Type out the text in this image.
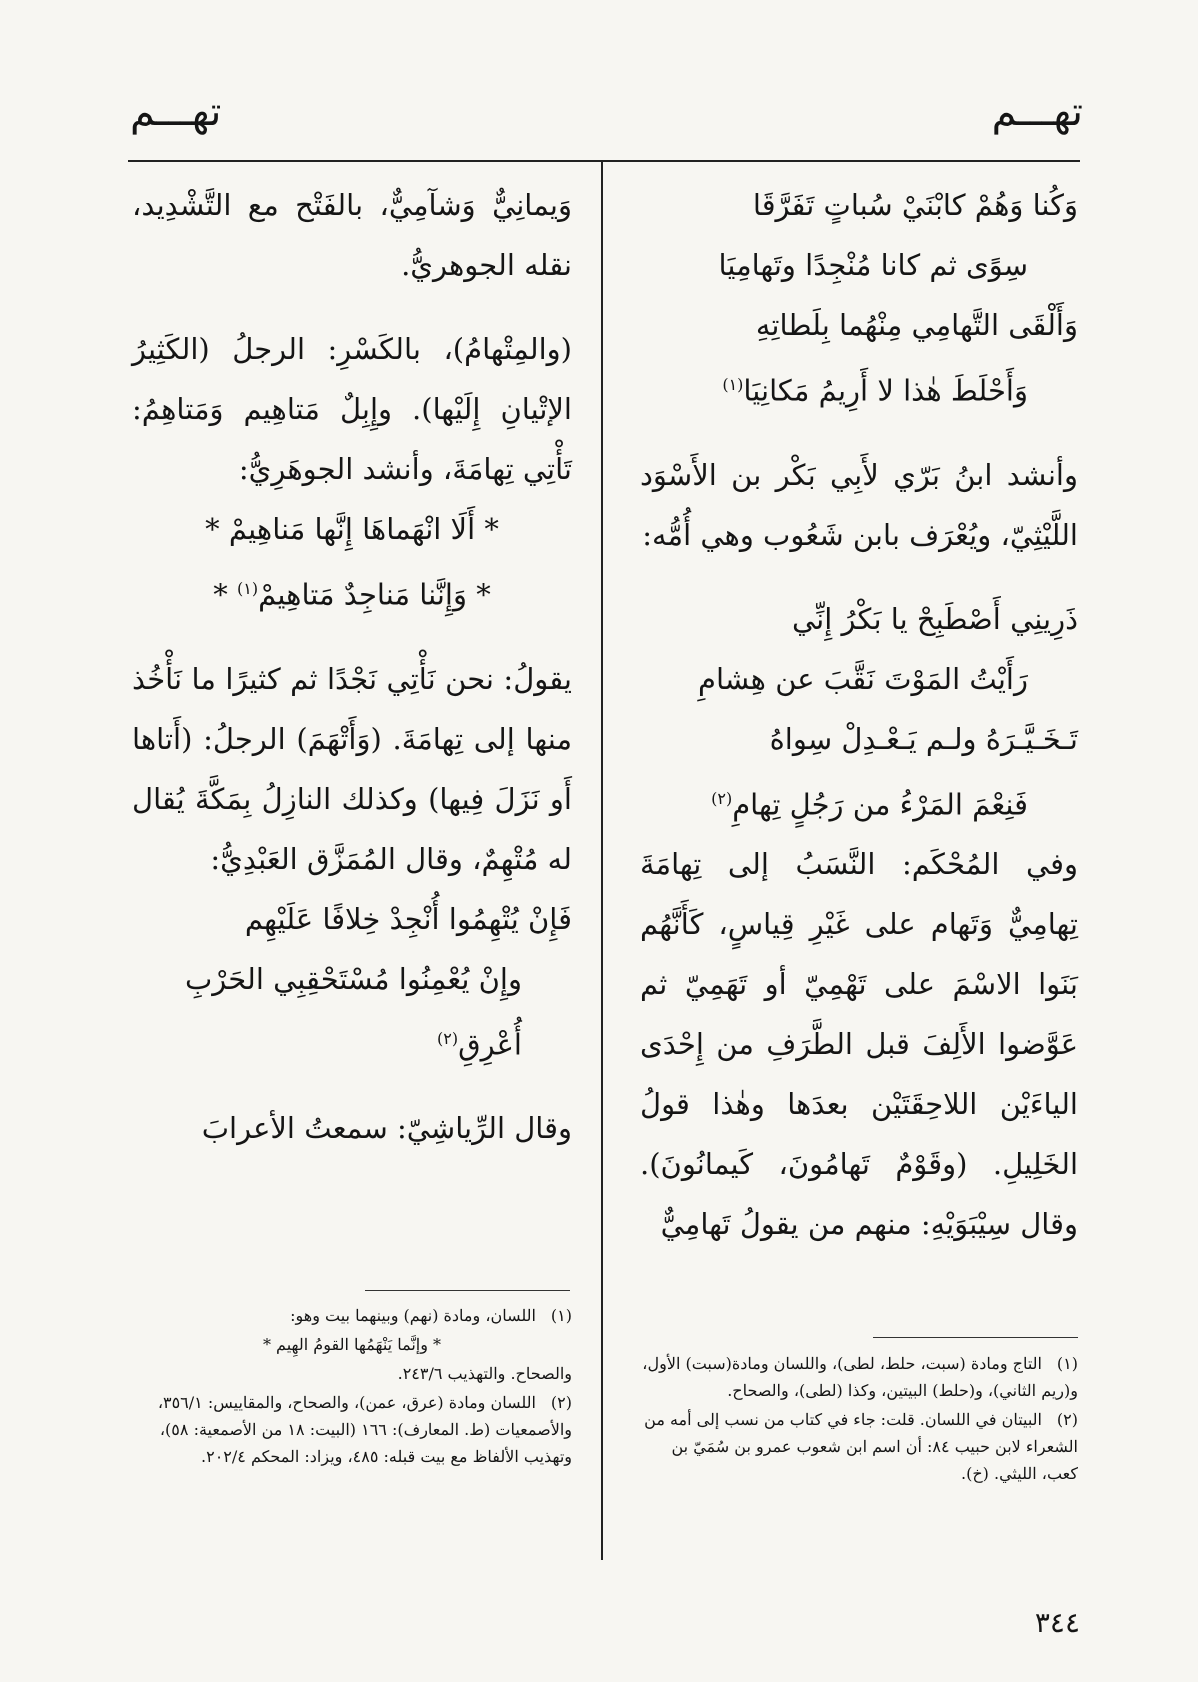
تهـــم
تهـــم
وَكُنا وَهُمْ كابْنَيْ سُباتٍ تَفَرَّقَا
سِوًى ثم كانا مُنْجِدًا وتَهامِيَا
وَأَلْقَى التَّهامِي مِنْهُما بِلَطاتِهِ
وَأَحْلَطَ هٰذا لا أَرِيمُ مَكانِيَا$^{(١)}$

وأنشد ابنُ بَرّي لأَبِي بَكْر بن الأَسْوَد اللَّيْثِيّ، ويُعْرَف بابن شَعُوب وهي أُمُّه:

ذَرِينِي أَصْطَبِحْ يا بَكْرُ إِنِّي
رَأَيْتُ المَوْتَ نَقَّبَ عن هِشامِ
تَـخَـيَّـرَهُ ولـم يَـعْـدِلْ سِواهُ
فَنِعْمَ المَرْءُ من رَجُلٍ تِهامِ$^{(٢)}$

وفي المُحْكَم: النَّسَبُ إلى تِهامَةَ تِهامِيٌّ وَتَهام على غَيْرِ قِياسٍ، كَأَنَّهُم بَنَوا الاسْمَ على تَهْمِيّ أو تَهَمِيّ ثم عَوَّضوا الأَلِفَ قبل الطَّرَفِ من إِحْدَى الياءَيْن اللاحِقَتَيْن بعدَها وهٰذا قولُ الخَلِيلِ. (وقَوْمٌ تَهامُونَ، كَيمانُونَ). وقال سِيْبَوَيْهِ: منهم من يقولُ تَهامِيٌّ

(١)التاج ومادة (سبت، حلط، لطى)، واللسان ومادة(سبت) الأول، و(ريم الثاني)، و(حلط) البيتين، وكذا (لطى)، والصحاح.
(٢)البيتان في اللسان. قلت: جاء في كتاب من نسب إلى أمه من الشعراء لابن حبيب ٨٤: أن اسم ابن شعوب عمرو بن سُمَيّ بن كعب، الليثي. (خ).

وَيمانِيٌّ وَشآمِيٌّ، بالفَتْح مع التَّشْدِيد، نقله الجوهريُّ.

(والمِتْهامُ)، بالكَسْرِ: الرجلُ (الكَثِيرُ الإتْيانِ إِلَيْها). وإِبِلٌ مَتاهِيم وَمَتاهِمُ: تَأْتِي تِهامَةَ، وأنشد الجوهَرِيُّ:

* أَلَا انْهَماهَا إِنَّها مَناهِيمْ *
* وَإِنَّنا مَناجِدٌ مَتاهِيمْ$^{(١)}$ *

يقولُ: نحن نَأْتِي نَجْدًا ثم كثيرًا ما نَأْخُذ منها إلى تِهامَةَ. (وَأَتْهَمَ) الرجلُ: (أَتاها أَو نَزَلَ فِيها) وكذلك النازِلُ بِمَكَّةَ يُقال له مُتْهِمٌ، وقال المُمَزَّق العَبْدِيُّ:

فَإِنْ يُتْهِمُوا أُنْجِدْ خِلافًا عَلَيْهِم
وإِنْ يُعْمِنُوا مُسْتَحْقِبِي الحَرْبِ أُعْرِقِ$^{(٢)}$

وقال الرِّياشِيّ: سمعتُ الأعرابَ

(١)اللسان، ومادة (نهم) وبينهما بيت وهو:
* وإنَّما يَنْهَمُها القومُ الهِيم *
والصحاح. والتهذيب ٢٤٣/٦.
(٢)اللسان ومادة (عرق، عمن)، والصحاح، والمقاييس: ٣٥٦/١، والأصمعيات (ط. المعارف): ١٦٦ (البيت: ١٨ من الأصمعية: ٥٨)، وتهذيب الألفاظ مع بيت قبله: ٤٨٥، ويزاد: المحكم ٢٠٢/٤.
٣٤٤
